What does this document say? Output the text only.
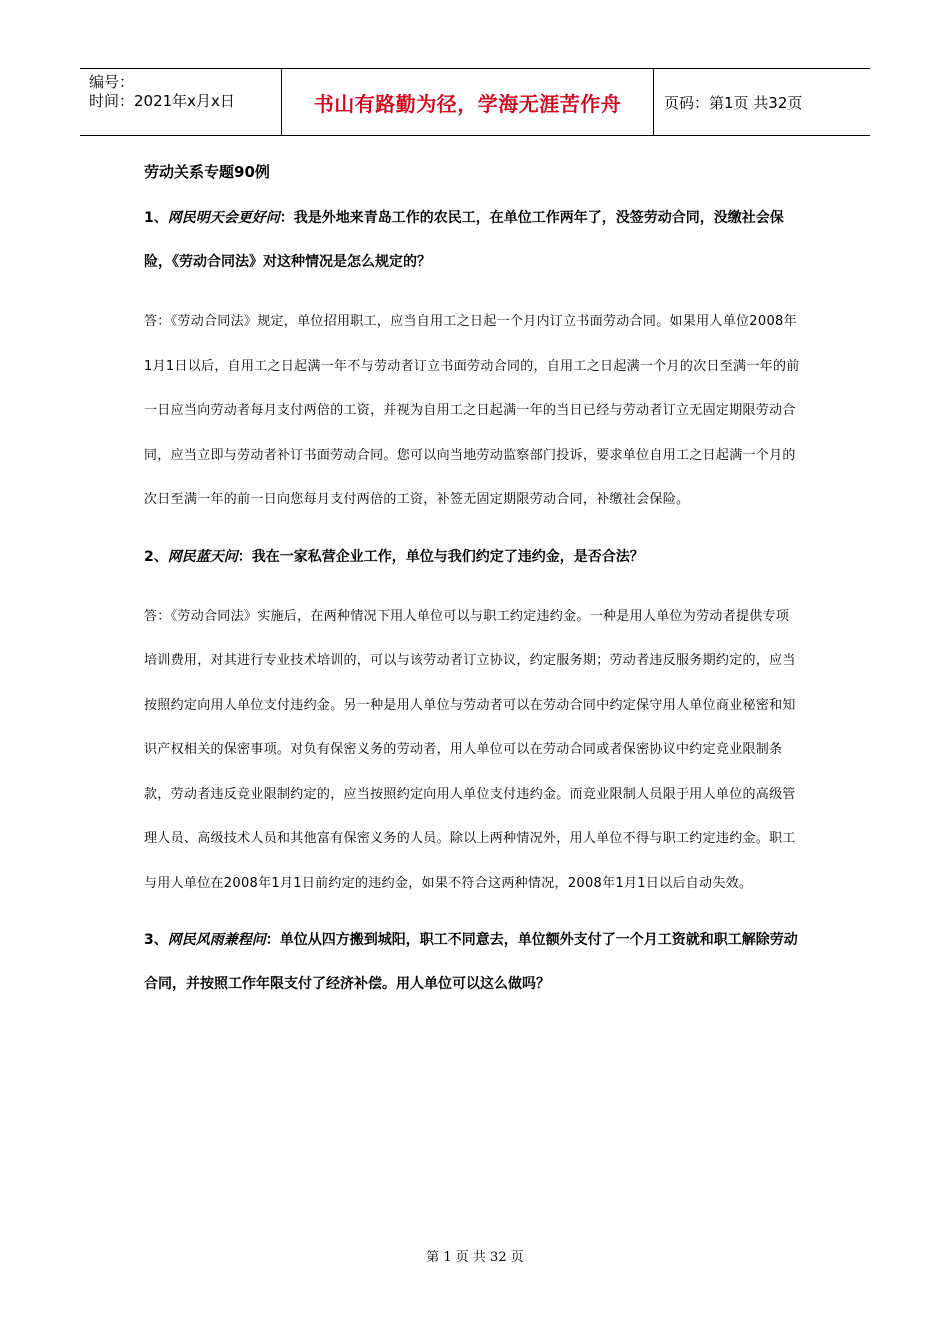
编号：
时间：2021年x月x日	书山有路勤为径，学海无涯苦作舟	页码：第1页 共32页
劳动关系专题90例
1、网民明天会更好问：我是外地来青岛工作的农民工，在单位工作两年了，没签劳动合同，没缴社会保险，《劳动合同法》对这种情况是怎么规定的？
答：《劳动合同法》规定，单位招用职工，应当自用工之日起一个月内订立书面劳动合同。如果用人单位2008年1月1日以后，自用工之日起满一年不与劳动者订立书面劳动合同的，自用工之日起满一个月的次日至满一年的前一日应当向劳动者每月支付两倍的工资，并视为自用工之日起满一年的当日已经与劳动者订立无固定期限劳动合同，应当立即与劳动者补订书面劳动合同。您可以向当地劳动监察部门投诉，要求单位自用工之日起满一个月的次日至满一年的前一日向您每月支付两倍的工资，补签无固定期限劳动合同，补缴社会保险。
2、网民蓝天问：我在一家私营企业工作，单位与我们约定了违约金，是否合法？
答：《劳动合同法》实施后，在两种情况下用人单位可以与职工约定违约金。一种是用人单位为劳动者提供专项培训费用，对其进行专业技术培训的，可以与该劳动者订立协议，约定服务期；劳动者违反服务期约定的，应当按照约定向用人单位支付违约金。另一种是用人单位与劳动者可以在劳动合同中约定保守用人单位商业秘密和知识产权相关的保密事项。对负有保密义务的劳动者，用人单位可以在劳动合同或者保密协议中约定竞业限制条款，劳动者违反竞业限制约定的，应当按照约定向用人单位支付违约金。而竞业限制人员限于用人单位的高级管理人员、高级技术人员和其他富有保密义务的人员。除以上两种情况外，用人单位不得与职工约定违约金。职工与用人单位在2008年1月1日前约定的违约金，如果不符合这两种情况，2008年1月1日以后自动失效。
3、网民风雨兼程问：单位从四方搬到城阳，职工不同意去，单位额外支付了一个月工资就和职工解除劳动合同，并按照工作年限支付了经济补偿。用人单位可以这么做吗？
第 1 页 共 32 页
